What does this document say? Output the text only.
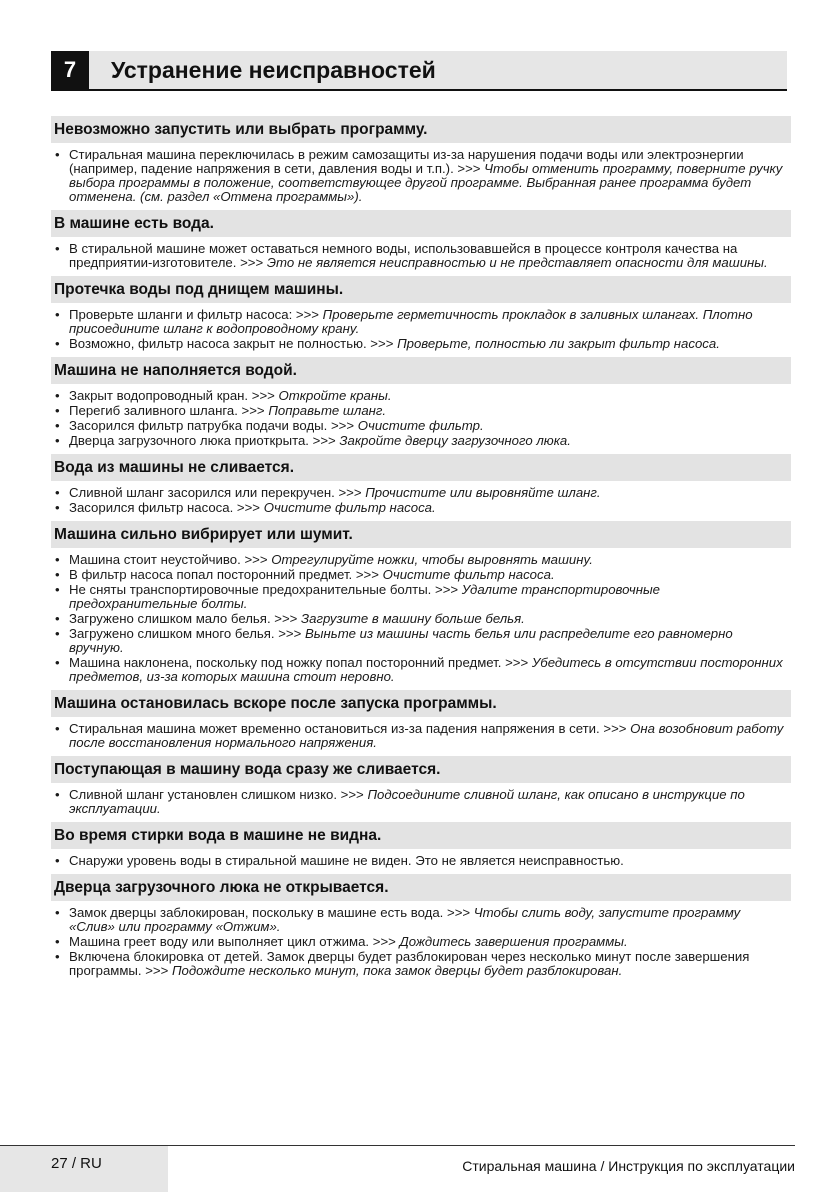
7	Устранение неисправностей
Невозможно запустить или выбрать программу.
• Стиральная машина переключилась в режим самозащиты из-за нарушения подачи воды или электроэнергии (например, падение напряжения в сети, давления воды и т.п.). >>> Чтобы отменить программу, поверните ручку выбора программы в положение, соответствующее другой программе. Выбранная ранее программа будет отменена. (см. раздел «Отмена программы»).
В машине есть вода.
• В стиральной машине может оставаться немного воды, использовавшейся в процессе контроля качества на предприятии-изготовителе. >>> Это не является неисправностью и не представляет опасности для машины.
Протечка воды под днищем машины.
• Проверьте шланги и фильтр насоса: >>> Проверьте герметичность прокладок в заливных шлангах. Плотно присоедините шланг к водопроводному крану.
• Возможно, фильтр насоса закрыт не полностью. >>> Проверьте, полностью ли закрыт фильтр насоса.
Машина не наполняется водой.
• Закрыт водопроводный кран. >>> Откройте краны.
• Перегиб заливного шланга. >>> Поправьте шланг.
• Засорился фильтр патрубка подачи воды. >>> Очистите фильтр.
• Дверца загрузочного люка приоткрыта. >>> Закройте дверцу загрузочного люка.
Вода из машины не сливается.
• Сливной шланг засорился или перекручен. >>> Прочистите или выровняйте шланг.
• Засорился фильтр насоса. >>> Очистите фильтр насоса.
Машина сильно вибрирует или шумит.
• Машина стоит неустойчиво. >>> Отрегулируйте ножки, чтобы выровнять машину.
• В фильтр насоса попал посторонний предмет. >>> Очистите фильтр насоса.
• Не сняты транспортировочные предохранительные болты. >>> Удалите транспортировочные предохранительные болты.
• Загружено слишком мало белья. >>> Загрузите в машину больше белья.
• Загружено слишком много белья. >>> Выньте из машины часть белья или распределите его равномерно вручную.
• Машина наклонена, поскольку под ножку попал посторонний предмет. >>> Убедитесь в отсутствии посторонних предметов, из-за которых машина стоит неровно.
Машина остановилась вскоре после запуска программы.
• Стиральная машина может временно остановиться из-за падения напряжения в сети. >>> Она возобновит работу после восстановления нормального напряжения.
Поступающая в машину вода сразу же сливается.
• Сливной шланг установлен слишком низко. >>> Подсоедините сливной шланг, как описано в инструкцие по эксплуатации.
Во время стирки вода в машине не видна.
• Снаружи уровень воды в стиральной машине не виден. Это не является неисправностью.
Дверца загрузочного люка не открывается.
• Замок дверцы заблокирован, поскольку в машине есть вода. >>> Чтобы слить воду, запустите программу «Слив» или программу «Отжим».
• Машина греет воду или выполняет цикл отжима. >>> Дождитесь завершения программы.
• Включена блокировка от детей. Замок дверцы будет разблокирован через несколько минут после завершения программы. >>> Подождите несколько минут, пока замок дверцы будет разблокирован.
27 / RU	Стиральная машина / Инструкция по эксплуатации
